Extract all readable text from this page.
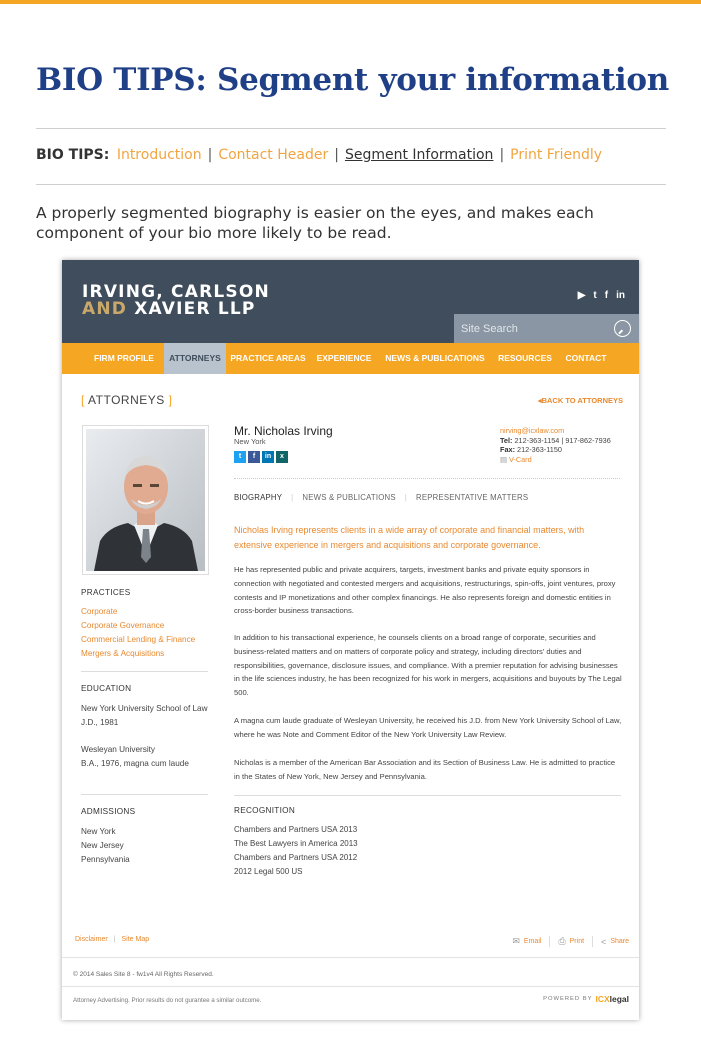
BIO TIPS: Segment your information
BIO TIPS: Introduction | Contact Header | Segment Information | Print Friendly

A properly segmented biography is easier on the eyes, and makes each component of your bio more likely to be read.

IRVING, CARLSON
AND XAVIER LLP
▶ t f in
Site Search
FIRM PROFILE	ATTORNEYS	PRACTICE AREAS EXPERIENCE	NEWS & PUBLICATIONS	RESOURCES	CONTACT
[ ATTORNEYS ]	◂BACK TO ATTORNEYS
PRACTICES
Corporate
Corporate Governance
Commercial Lending & Finance
Mergers & Acquisitions
EDUCATION
New York University School of Law
J.D., 1981
Wesleyan University
B.A., 1976, magna cum laude
ADMISSIONS
New York
New Jersey
Pennsylvania
Mr. Nicholas Irving
New York
t	f	in	x
nirving@icxlaw.com
Tel: 212-363-1154 | 917-862-7936
Fax: 212-363-1150
▤ V-Card
BIOGRAPHY | NEWS & PUBLICATIONS | REPRESENTATIVE MATTERS

Nicholas Irving represents clients in a wide array of corporate and financial matters, with extensive experience in mergers and acquisitions and corporate governance.

He has represented public and private acquirers, targets, investment banks and private equity sponsors in connection with negotiated and contested mergers and acquisitions, restructurings, spin-offs, joint ventures, proxy contests and IP monetizations and other complex financings. He also represents foreign and domestic entities in cross-border business transactions.

In addition to his transactional experience, he counsels clients on a broad range of corporate, securities and business-related matters and on matters of corporate policy and strategy, including directors' duties and responsibilities, governance, disclosure issues, and compliance. With a premier reputation for advising businesses in the life sciences industry, he has been recognized for his work in mergers, acquisitions and buyouts by The Legal 500.

A magna cum laude graduate of Wesleyan University, he received his J.D. from New York University School of Law, where he was Note and Comment Editor of the New York University Law Review.

Nicholas is a member of the American Bar Association and its Section of Business Law. He is admitted to practice in the States of New York, New Jersey and Pennsylvania.

RECOGNITION
Chambers and Partners USA 2013
The Best Lawyers in America 2013
Chambers and Partners USA 2012
2012 Legal 500 US
Disclaimer | Site Map	✉ Email ⎙ Print < Share
© 2014 Sales Site 8 - fw1v4 All Rights Reserved.
Attorney Advertising. Prior results do not gurantee a similar outcome.	POWERED BY ICXlegal
